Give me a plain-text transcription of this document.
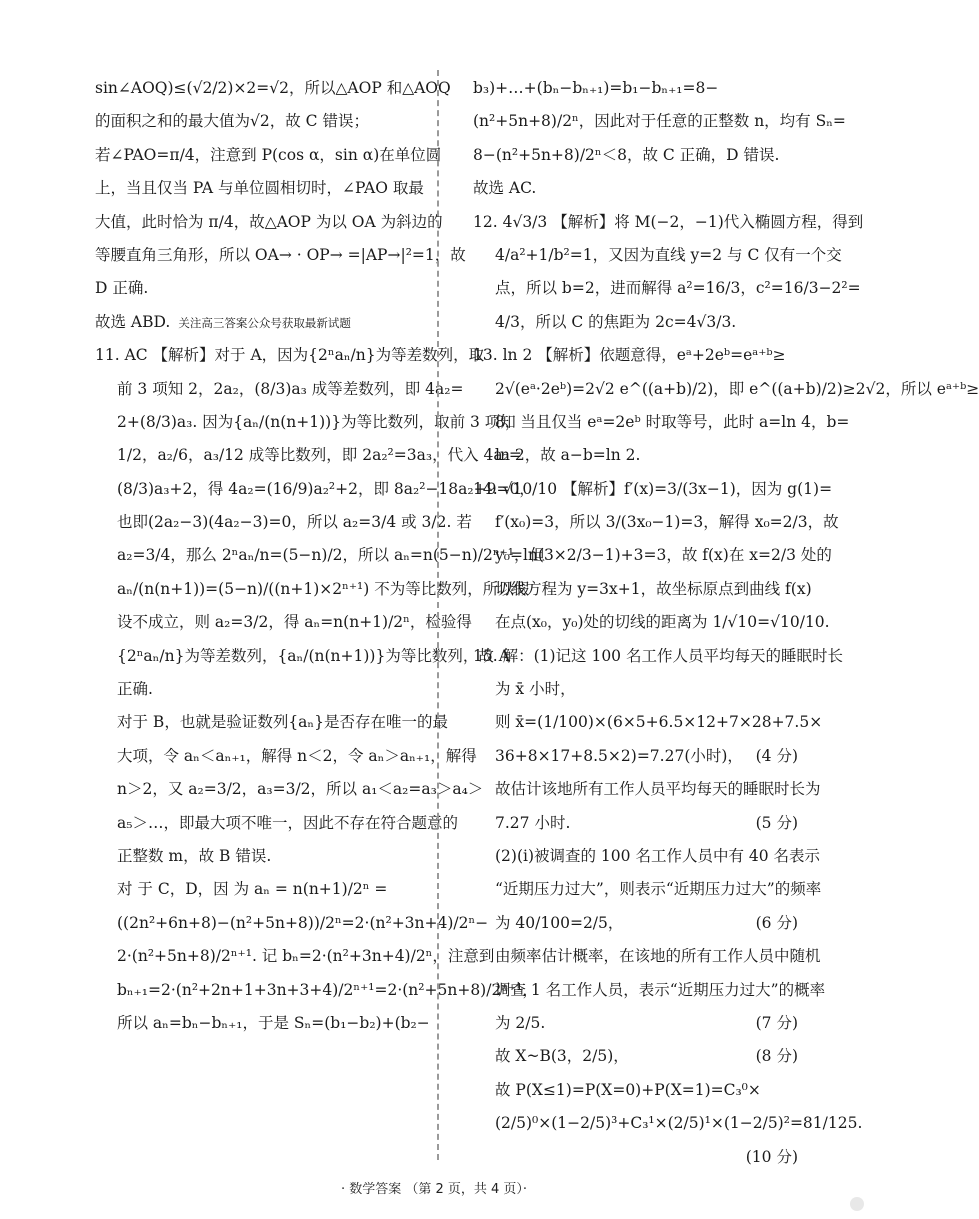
sin∠AOQ)≤(√2/2)×2=√2，所以△AOP 和△AOQ
的面积之和的最大值为√2，故 C 错误；
若∠PAO=π/4，注意到 P(cos α，sin α)在单位圆
上，当且仅当 PA 与单位圆相切时，∠PAO 取最
大值，此时恰为 π/4，故△AOP 为以 OA 为斜边的
等腰直角三角形，所以 OA→ · OP→ =|AP→|²=1，故
D 正确.
故选 ABD. 关注高三答案公众号获取最新试题
11. AC 【解析】对于 A，因为{2ⁿaₙ/n}为等差数列，取
前 3 项知 2，2a₂，(8/3)a₃ 成等差数列，即 4a₂=
2+(8/3)a₃. 因为{aₙ/(n(n+1))}为等比数列，取前 3 项知
1/2，a₂/6，a₃/12 成等比数列，即 2a₂²=3a₃，代入 4a₂=
(8/3)a₃+2，得 4a₂=(16/9)a₂²+2，即 8a₂²−18a₂+9=0，
也即(2a₂−3)(4a₂−3)=0，所以 a₂=3/4 或 3/2. 若
a₂=3/4，那么 2ⁿaₙ/n=(5−n)/2，所以 aₙ=n(5−n)/2ⁿ⁺¹，但
aₙ/(n(n+1))=(5−n)/((n+1)×2ⁿ⁺¹) 不为等比数列，所以假
设不成立，则 a₂=3/2，得 aₙ=n(n+1)/2ⁿ，检验得
{2ⁿaₙ/n}为等差数列，{aₙ/(n(n+1))}为等比数列，故 A
正确.
对于 B，也就是验证数列{aₙ}是否存在唯一的最
大项，令 aₙ＜aₙ₊₁，解得 n＜2，令 aₙ＞aₙ₊₁，解得
n＞2，又 a₂=3/2，a₃=3/2，所以 a₁＜a₂=a₃＞a₄＞
a₅＞…，即最大项不唯一，因此不存在符合题意的
正整数 m，故 B 错误.
对 于 C，D，因 为 aₙ = n(n+1)/2ⁿ =
((2n²+6n+8)−(n²+5n+8))/2ⁿ=2·(n²+3n+4)/2ⁿ−
2·(n²+5n+8)/2ⁿ⁺¹. 记 bₙ=2·(n²+3n+4)/2ⁿ，注意到
bₙ₊₁=2·(n²+2n+1+3n+3+4)/2ⁿ⁺¹=2·(n²+5n+8)/2ⁿ⁺¹，
所以 aₙ=bₙ−bₙ₊₁，于是 Sₙ=(b₁−b₂)+(b₂−
b₃)+…+(bₙ−bₙ₊₁)=b₁−bₙ₊₁=8−
(n²+5n+8)/2ⁿ，因此对于任意的正整数 n，均有 Sₙ=
8−(n²+5n+8)/2ⁿ＜8，故 C 正确，D 错误.
故选 AC.
12. 4√3/3 【解析】将 M(−2，−1)代入椭圆方程，得到
4/a²+1/b²=1，又因为直线 y=2 与 C 仅有一个交
点，所以 b=2，进而解得 a²=16/3，c²=16/3−2²=
4/3，所以 C 的焦距为 2c=4√3/3.
13. ln 2 【解析】依题意得，eᵃ+2eᵇ=eᵃ⁺ᵇ≥
2√(eᵃ·2eᵇ)=2√2 e^((a+b)/2)，即 e^((a+b)/2)≥2√2，所以 eᵃ⁺ᵇ≥
8，当且仅当 eᵃ=2eᵇ 时取等号，此时 a=ln 4，b=
ln 2，故 a−b=ln 2.
14. √10/10 【解析】f′(x)=3/(3x−1)，因为 g(1)=
f′(x₀)=3，所以 3/(3x₀−1)=3，解得 x₀=2/3，故
y₀=ln(3×2/3−1)+3=3，故 f(x)在 x=2/3 处的
切线方程为 y=3x+1，故坐标原点到曲线 f(x)
在点(x₀，y₀)处的切线的距离为 1/√10=√10/10.
15. 解：(1)记这 100 名工作人员平均每天的睡眠时长
为 x̄ 小时，
则 x̄=(1/100)×(6×5+6.5×12+7×28+7.5×
36+8×17+8.5×2)=7.27(小时)， (4 分)
故估计该地所有工作人员平均每天的睡眠时长为
7.27 小时.	(5 分)
(2)(ⅰ)被调查的 100 名工作人员中有 40 名表示
“近期压力过大”，则表示“近期压力过大”的频率
为 40/100=2/5，	(6 分)
由频率估计概率，在该地的所有工作人员中随机
调查 1 名工作人员，表示“近期压力过大”的概率
为 2/5.	(7 分)
故 X~B(3，2/5)，	(8 分)
故 P(X≤1)=P(X=0)+P(X=1)=C₃⁰×
(2/5)⁰×(1−2/5)³+C₃¹×(2/5)¹×(1−2/5)²=81/125.
(10 分)
· 数学答案 （第 2 页，共 4 页）·
